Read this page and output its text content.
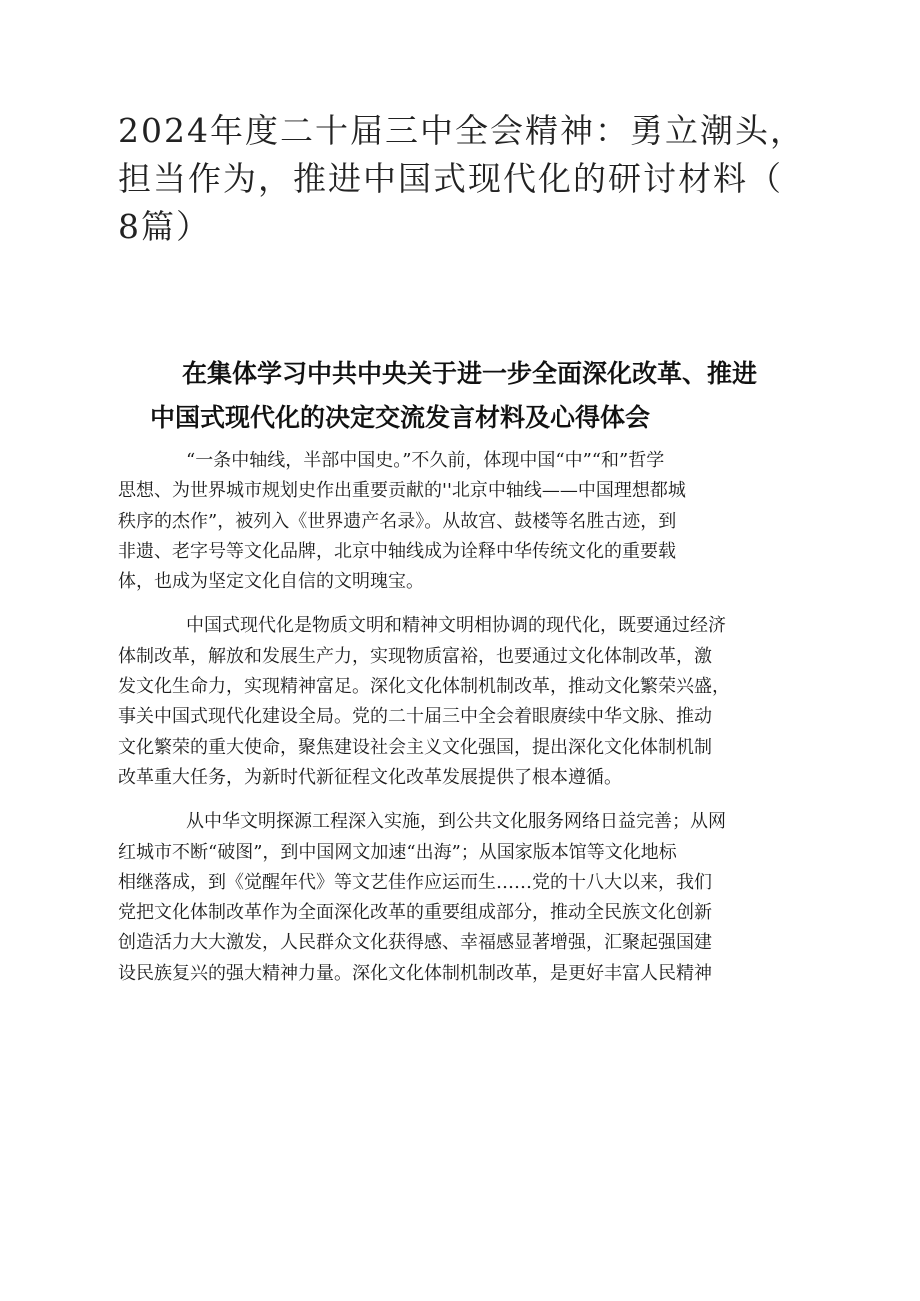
2024年度二十届三中全会精神：勇立潮头，
担当作为，推进中国式现代化的研讨材料（
8篇）
在集体学习中共中央关于进一步全面深化改革、推进
中国式现代化的决定交流发言材料及心得体会

“一条中轴线，半部中国史。”不久前，体现中国“中”“和”哲学
思想、为世界城市规划史作出重要贡献的''北京中轴线——中国理想都城
秩序的杰作”，被列入《世界遗产名录》。从故宫、鼓楼等名胜古迹，到
非遗、老字号等文化品牌，北京中轴线成为诠释中华传统文化的重要载
体，也成为坚定文化自信的文明瑰宝。

中国式现代化是物质文明和精神文明相协调的现代化，既要通过经济
体制改革，解放和发展生产力，实现物质富裕，也要通过文化体制改革，激
发文化生命力，实现精神富足。深化文化体制机制改革，推动文化繁荣兴盛，
事关中国式现代化建设全局。党的二十届三中全会着眼赓续中华文脉、推动
文化繁荣的重大使命，聚焦建设社会主义文化强国，提出深化文化体制机制
改革重大任务，为新时代新征程文化改革发展提供了根本遵循。

从中华文明探源工程深入实施，到公共文化服务网络日益完善；从网
红城市不断“破图”，到中国网文加速“出海”；从国家版本馆等文化地标
相继落成，到《觉醒年代》等文艺佳作应运而生……党的十八大以来，我们
党把文化体制改革作为全面深化改革的重要组成部分，推动全民族文化创新
创造活力大大激发，人民群众文化获得感、幸福感显著增强，汇聚起强国建
设民族复兴的强大精神力量。深化文化体制机制改革，是更好丰富人民精神
